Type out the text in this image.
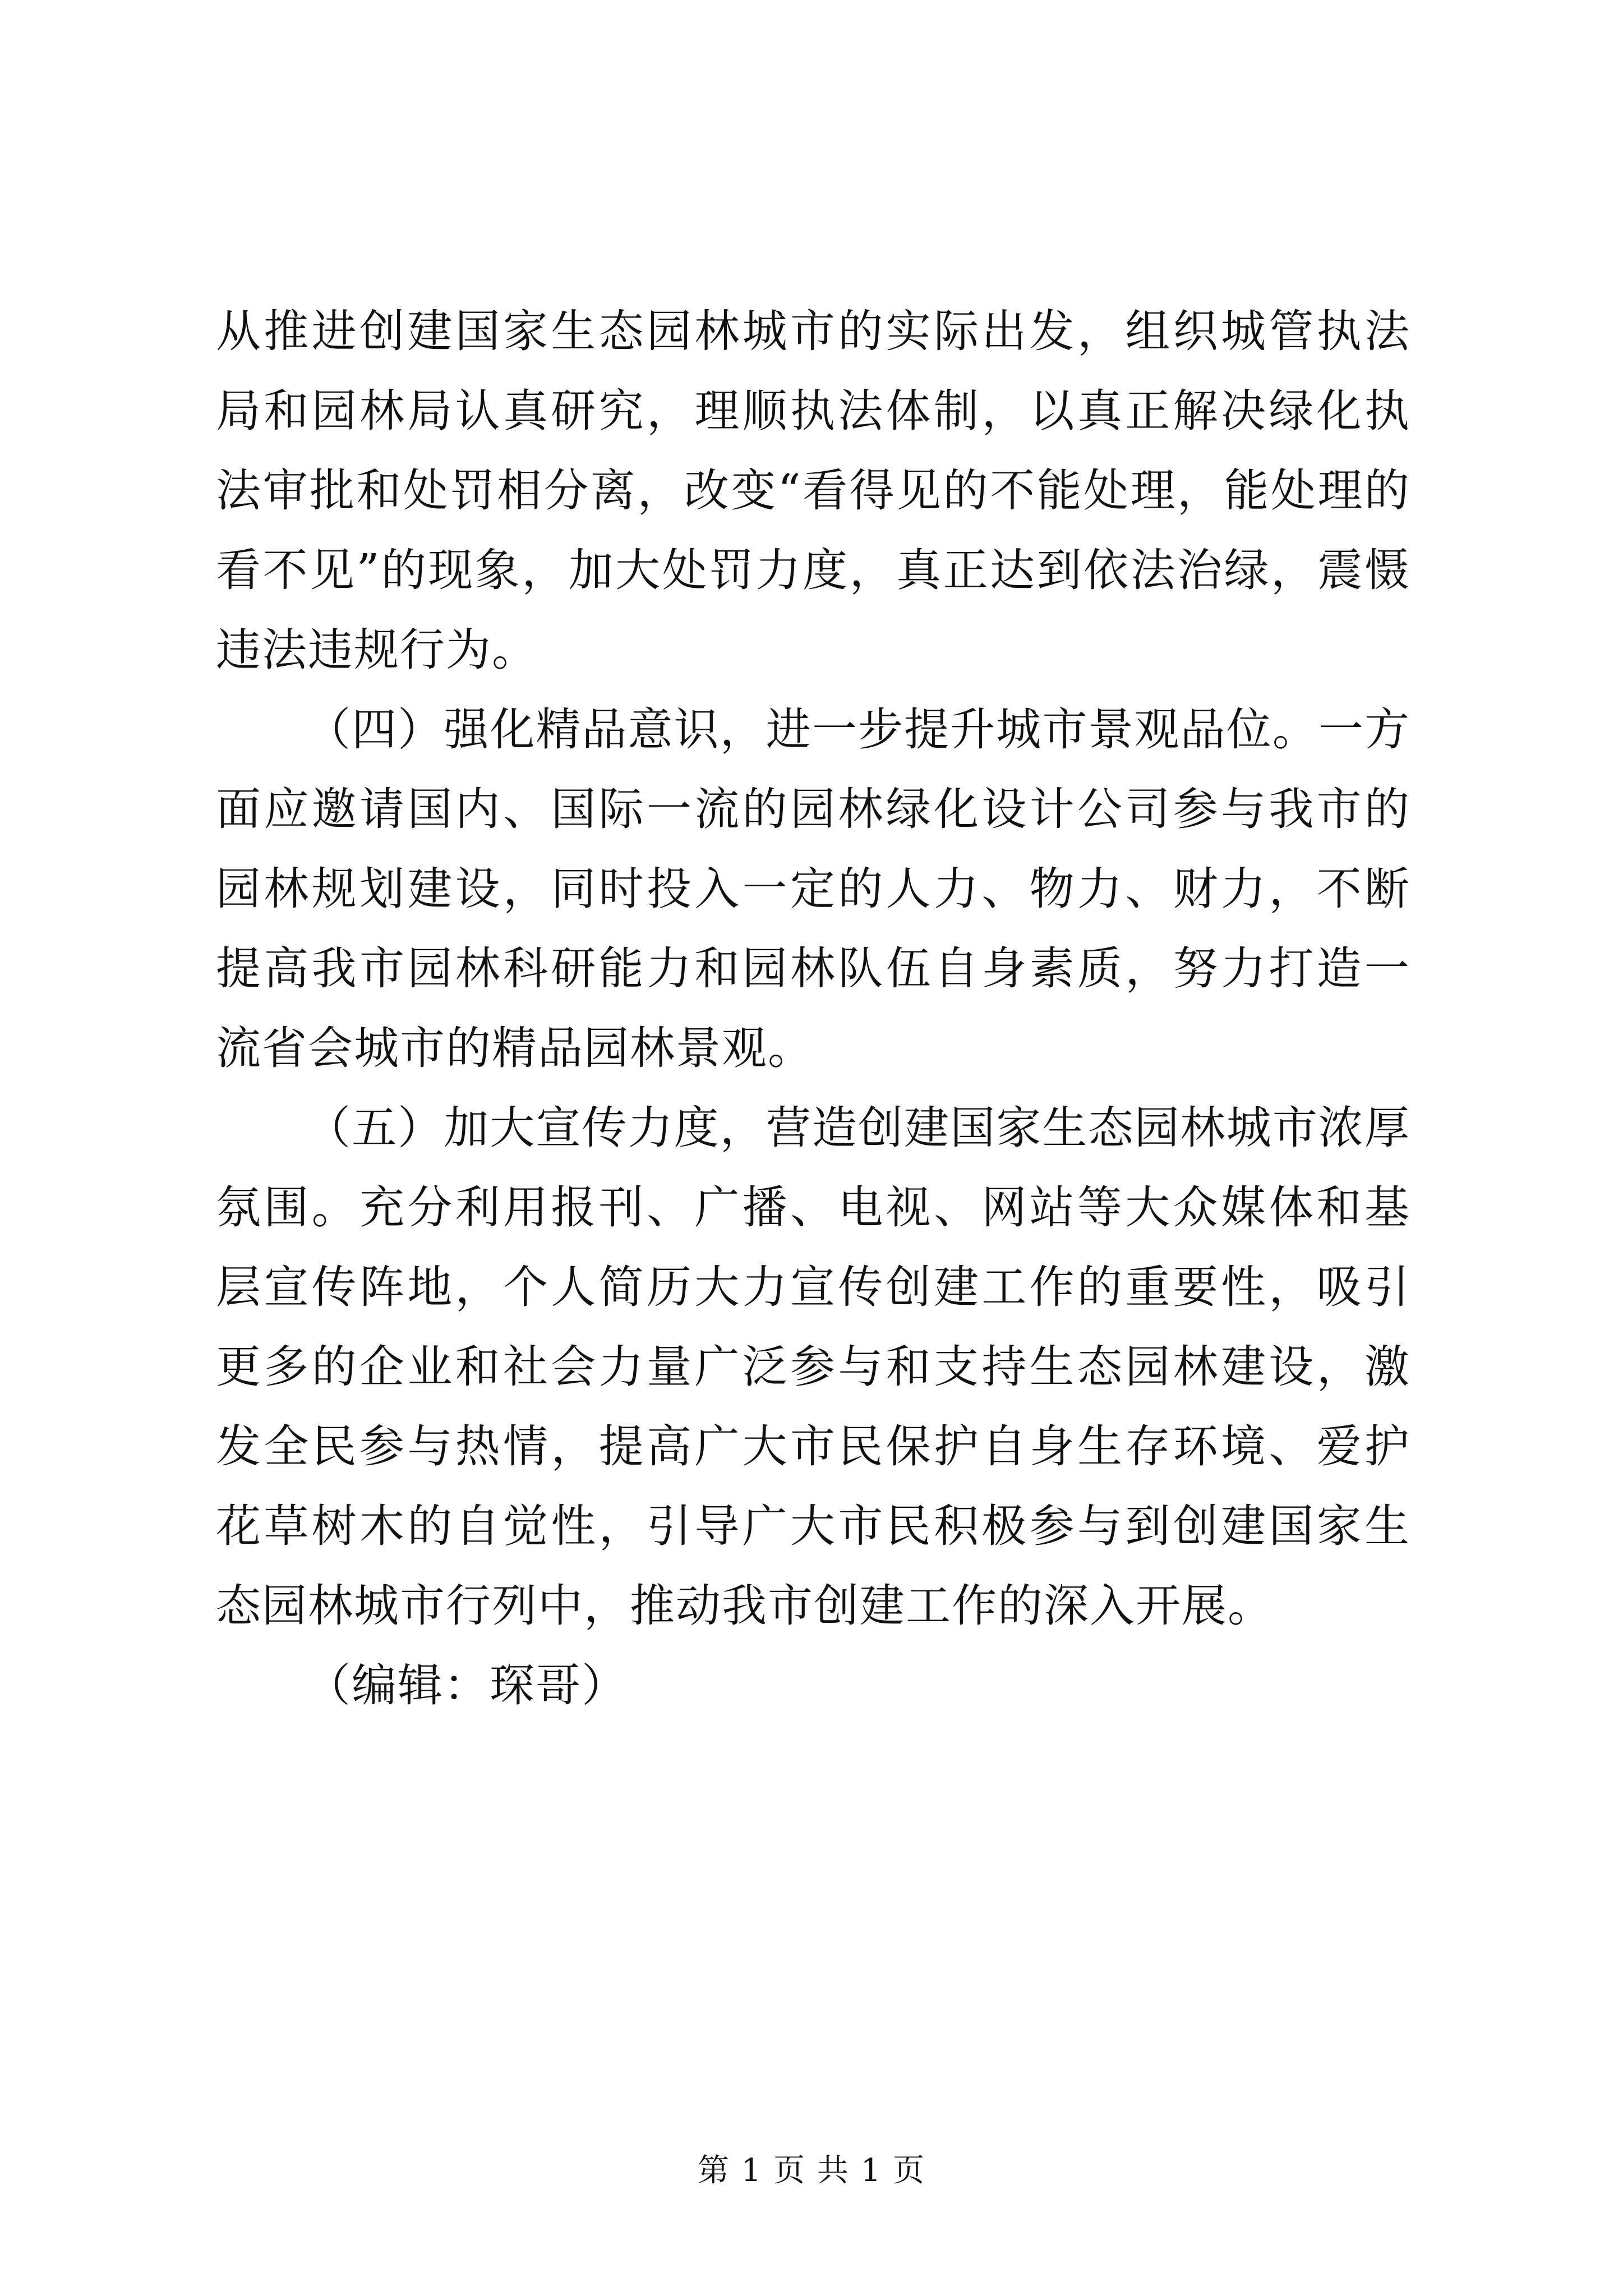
从推进创建国家生态园林城市的实际出发，组织城管执法局和园林局认真研究，理顺执法体制，以真正解决绿化执法审批和处罚相分离，改变“看得见的不能处理，能处理的看不见”的现象，加大处罚力度，真正达到依法治绿，震慑违法违规行为。

（四）强化精品意识，进一步提升城市景观品位。一方面应邀请国内、国际一流的园林绿化设计公司参与我市的园林规划建设，同时投入一定的人力、物力、财力，不断提高我市园林科研能力和园林队伍自身素质，努力打造一流省会城市的精品园林景观。

（五）加大宣传力度，营造创建国家生态园林城市浓厚氛围。充分利用报刊、广播、电视、网站等大众媒体和基层宣传阵地，个人简历大力宣传创建工作的重要性，吸引更多的企业和社会力量广泛参与和支持生态园林建设，激发全民参与热情，提高广大市民保护自身生存环境、爱护花草树木的自觉性，引导广大市民积极参与到创建国家生态园林城市行列中，推动我市创建工作的深入开展。

（编辑：琛哥）

第 1 页 共 1 页
